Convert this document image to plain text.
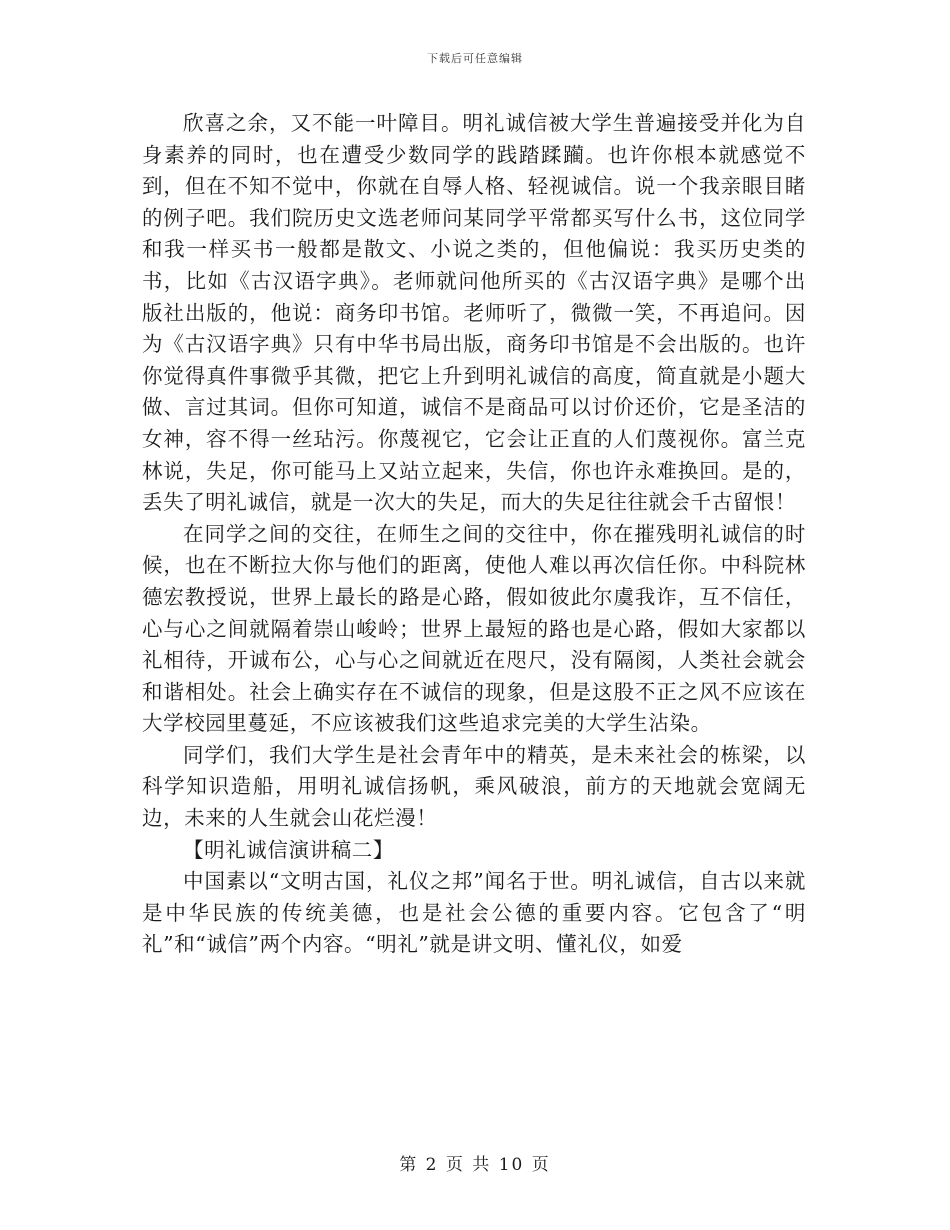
下载后可任意编辑

欣喜之余，又不能一叶障目。明礼诚信被大学生普遍接受并化为自身素养的同时，也在遭受少数同学的践踏蹂躏。也许你根本就感觉不到，但在不知不觉中，你就在自辱人格、轻视诚信。说一个我亲眼目睹的例子吧。我们院历史文选老师问某同学平常都买写什么书，这位同学和我一样买书一般都是散文、小说之类的，但他偏说：我买历史类的书，比如《古汉语字典》。老师就问他所买的《古汉语字典》是哪个出版社出版的，他说：商务印书馆。老师听了，微微一笑，不再追问。因为《古汉语字典》只有中华书局出版，商务印书馆是不会出版的。也许你觉得真件事微乎其微，把它上升到明礼诚信的高度，简直就是小题大做、言过其词。但你可知道，诚信不是商品可以讨价还价，它是圣洁的女神，容不得一丝玷污。你蔑视它，它会让正直的人们蔑视你。富兰克林说，失足，你可能马上又站立起来，失信，你也许永难换回。是的，丢失了明礼诚信，就是一次大的失足，而大的失足往往就会千古留恨！

在同学之间的交往，在师生之间的交往中，你在摧残明礼诚信的时候，也在不断拉大你与他们的距离，使他人难以再次信任你。中科院林德宏教授说，世界上最长的路是心路，假如彼此尔虞我诈，互不信任，心与心之间就隔着崇山峻岭；世界上最短的路也是心路，假如大家都以礼相待，开诚布公，心与心之间就近在咫尺，没有隔阂，人类社会就会和谐相处。社会上确实存在不诚信的现象，但是这股不正之风不应该在大学校园里蔓延，不应该被我们这些追求完美的大学生沾染。

同学们，我们大学生是社会青年中的精英，是未来社会的栋梁，以科学知识造船，用明礼诚信扬帆，乘风破浪，前方的天地就会宽阔无边，未来的人生就会山花烂漫！

【明礼诚信演讲稿二】

中国素以“文明古国，礼仪之邦”闻名于世。明礼诚信，自古以来就是中华民族的传统美德，也是社会公德的重要内容。它包含了“明礼”和“诚信”两个内容。“明礼”就是讲文明、懂礼仪，如爱

第 2 页 共 10 页
